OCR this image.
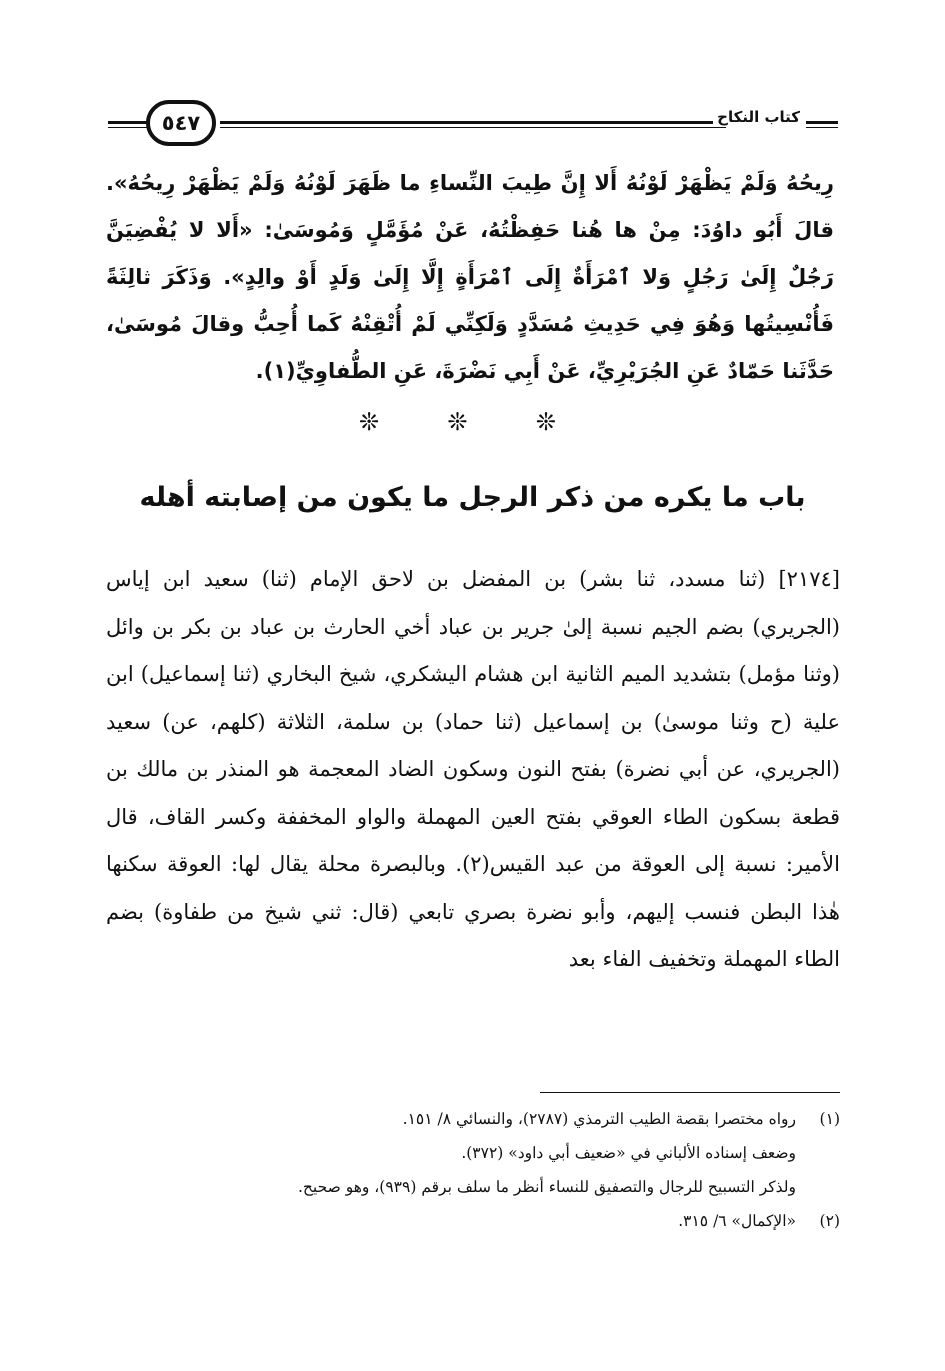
٥٤٧	كتاب النكاح
رِيحُهُ وَلَمْ يَظْهَرْ لَوْنُهُ أَلا إِنَّ طِيبَ النِّساءِ ما ظَهَرَ لَوْنُهُ وَلَمْ يَظْهَرْ رِيحُهُ». قالَ أَبُو داوُدَ: مِنْ ها هُنا حَفِظْتُهُ، عَنْ مُؤَمَّلٍ وَمُوسَىٰ: «أَلا لا يُفْضِيَنَّ رَجُلٌ إِلَىٰ رَجُلٍ وَلا ٱمْرَأَةٌ إِلَى ٱمْرَأَةٍ إِلَّا إِلَىٰ وَلَدٍ أَوْ والِدٍ». وَذَكَرَ ثالِثَةً فَأُنْسِيتُها وَهُوَ فِي حَدِيثِ مُسَدَّدٍ وَلَكِنِّي لَمْ أُتْقِنْهُ كَما أُحِبُّ وقالَ مُوسَىٰ، حَدَّثَنا حَمّادٌ عَنِ الجُرَيْرِيِّ، عَنْ أَبِي نَضْرَةَ، عَنِ الطُّفاوِيِّ(١).
❊ ❊ ❊
باب ما يكره من ذكر الرجل ما يكون من إصابته أهله
[٢١٧٤] (ثنا مسدد، ثنا بشر) بن المفضل بن لاحق الإمام (ثنا) سعيد ابن إياس (الجريري) بضم الجيم نسبة إلىٰ جرير بن عباد أخي الحارث بن عباد بن بكر بن وائل (وثنا مؤمل) بتشديد الميم الثانية ابن هشام اليشكري، شيخ البخاري (ثنا إسماعيل) ابن علية (ح وثنا موسىٰ) بن إسماعيل (ثنا حماد) بن سلمة، الثلاثة (كلهم، عن) سعيد (الجريري، عن أبي نضرة) بفتح النون وسكون الضاد المعجمة هو المنذر بن مالك بن قطعة بسكون الطاء العوقي بفتح العين المهملة والواو المخففة وكسر القاف، قال الأمير: نسبة إلى العوقة من عبد القيس(٢). وبالبصرة محلة يقال لها: العوقة سكنها هٰذا البطن فنسب إليهم، وأبو نضرة بصري تابعي (قال: ثني شيخ من طفاوة) بضم الطاء المهملة وتخفيف الفاء بعد
(١)
رواه مختصرا بقصة الطيب الترمذي (٢٧٨٧)، والنسائي ٨/ ١٥١.
وضعف إسناده الألباني في «ضعيف أبي داود» (٣٧٢).
ولذكر التسبيح للرجال والتصفيق للنساء أنظر ما سلف برقم (٩٣٩)، وهو صحيح.
(٢)
«الإكمال» ٦/ ٣١٥.
